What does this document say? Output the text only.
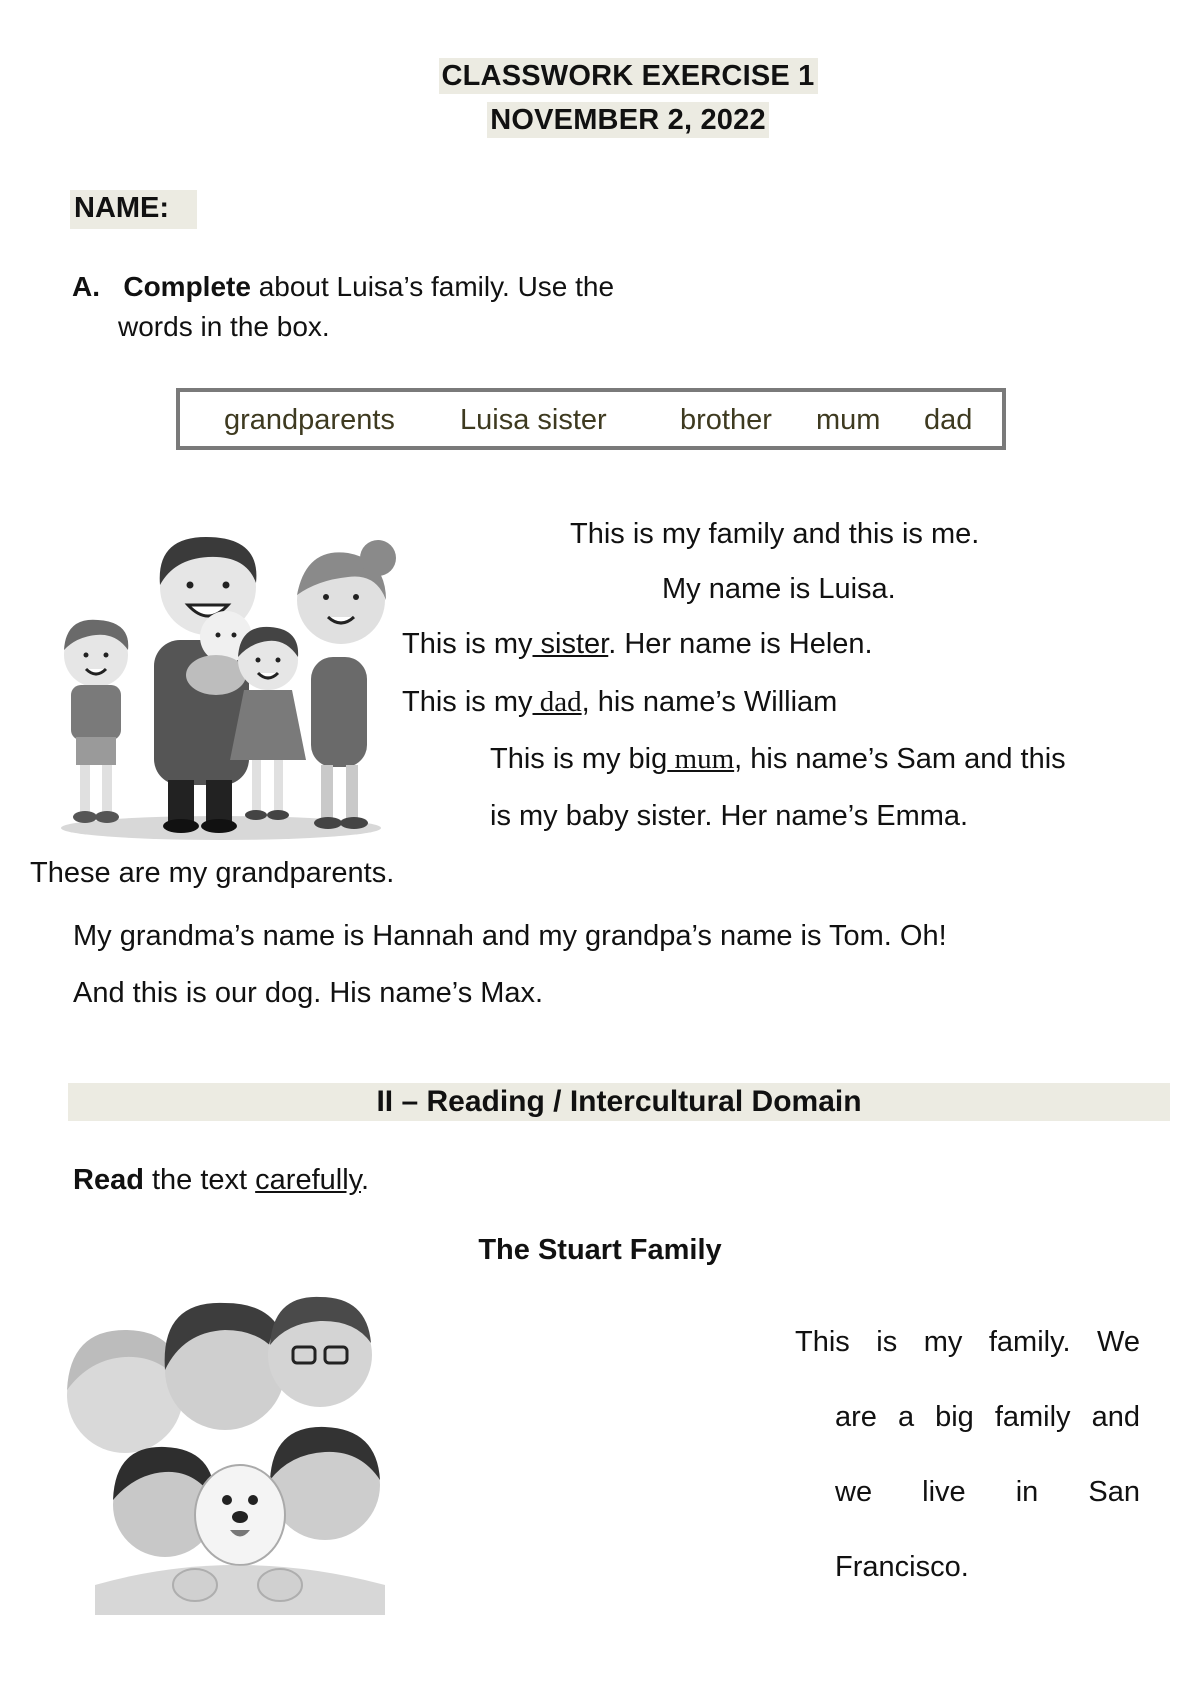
CLASSWORK EXERCISE 1
NOVEMBER 2, 2022
NAME:
A. Complete about Luisa’s family. Use the
words in the box.
grandparents Luisa sister	brother mum dad
This is my family and this is me.
My name is Luisa.
This is my sister. Her name is Helen.
This is my dad, his name’s William
This is my big mum, his name’s Sam and this
is my baby sister. Her name’s Emma.
These are my grandparents.
My grandma’s name is Hannah and my grandpa’s name is Tom. Oh!
And this is our dog. His name’s Max.
II – Reading / Intercultural Domain
Read the text carefully.
The Stuart Family
This is my family. We
are a big family and
we live in San
Francisco.
